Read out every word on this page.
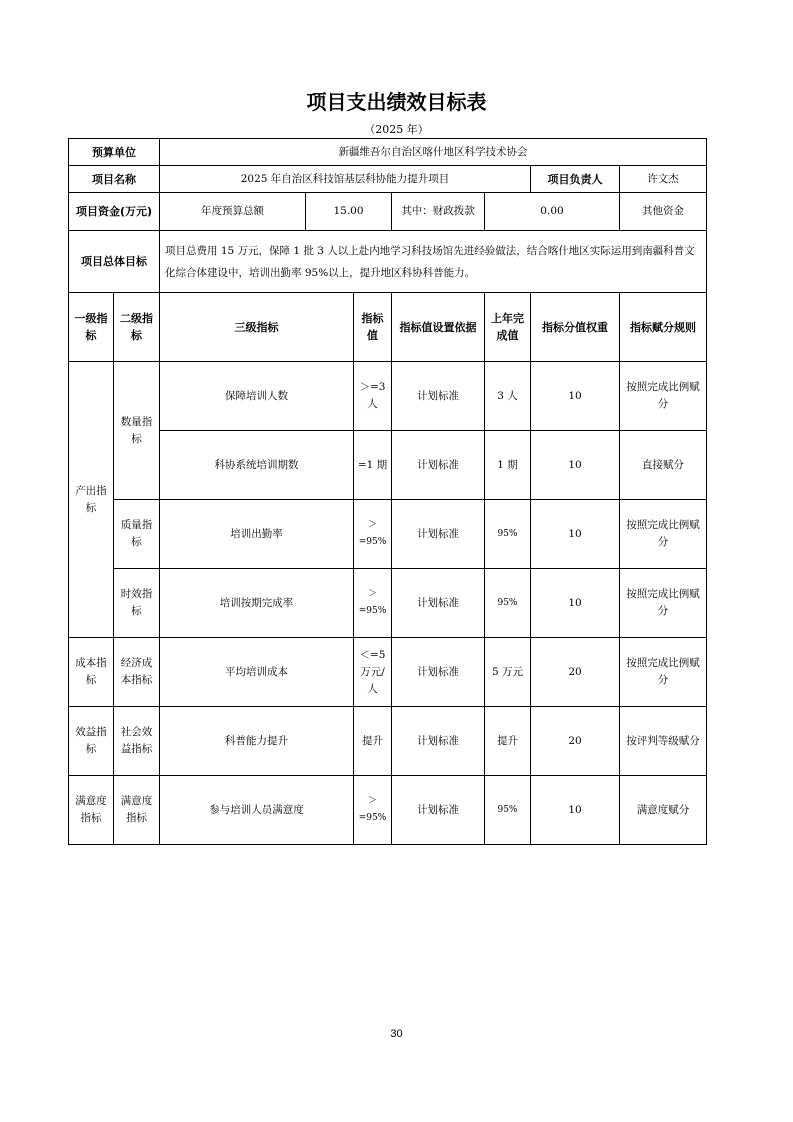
项目支出绩效目标表
（2025 年）
预算单位		新疆维吾尔自治区喀什地区科学技术协会							
项目名称		2025 年自治区科技馆基层科协能力提升项目					项目负责人	许文杰	
项目资金(万元)		年度预算总额	15.00		其中：财政拨款	0.00		其他资金	
项目总体目标		项目总费用 15 万元，保障 1 批 3 人以上赴内地学习科技场馆先进经验做法，结合喀什地区实际运用到南疆科普文化综合体建设中，培训出勤率 95%以上，提升地区科协科普能力。							
一级指标	二级指标	三级指标		指标值	指标值设置依据	上年完成值	指标分值权重	指标赋分规则	
产出指标	数量指标	保障培训人数		＞=3 人	计划标准	3 人	10	按照完成比例赋分	
		科协系统培训期数		=1 期	计划标准	1 期	10	直接赋分	
	质量指标	培训出勤率		＞ =95%	计划标准	95%	10	按照完成比例赋分	
	时效指标	培训按期完成率		＞ =95%	计划标准	95%	10	按照完成比例赋分	
成本指标	经济成本指标	平均培训成本		＜=5 万元/人	计划标准	5 万元	20	按照完成比例赋分	
效益指标	社会效益指标	科普能力提升		提升	计划标准	提升	20	按评判等级赋分	
满意度指标	满意度指标	参与培训人员满意度		＞ =95%	计划标准	95%	10	满意度赋分	
30
